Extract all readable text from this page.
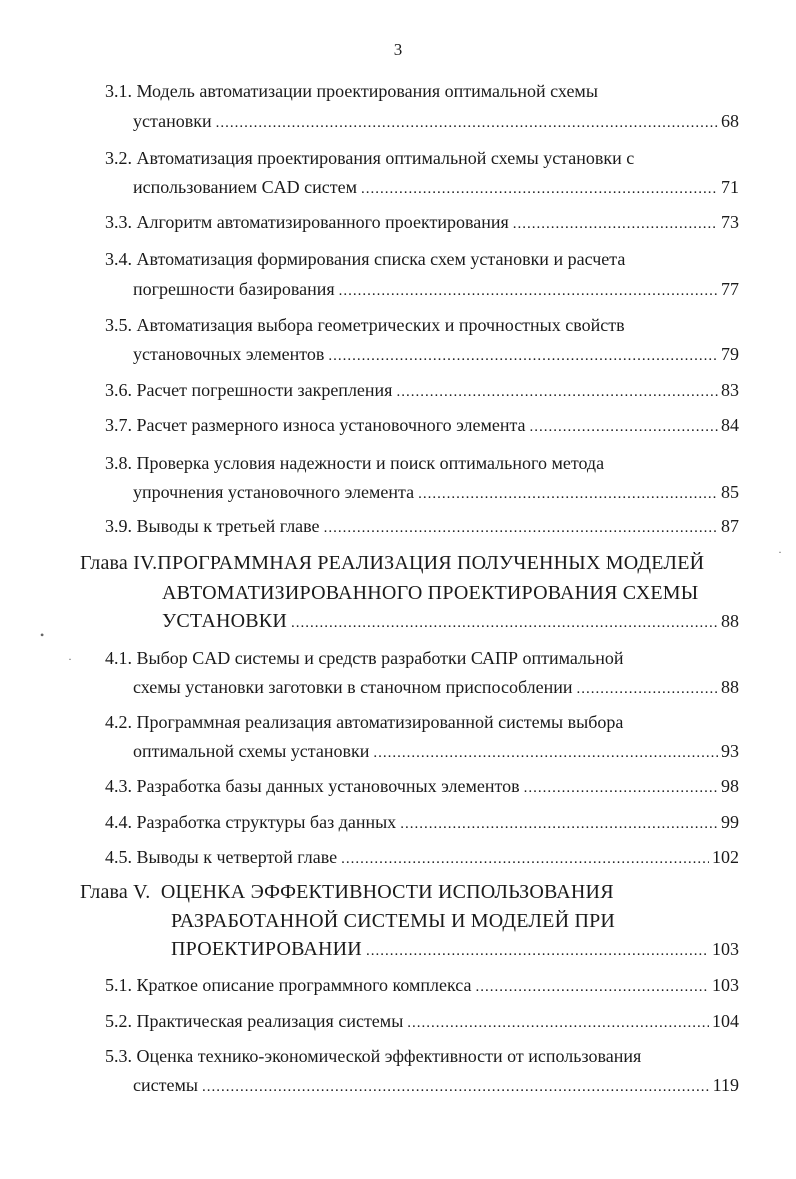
3
3.1. Модель автоматизации проектирования оптимальной схемы
установки .....	68
3.2. Автоматизация проектирования оптимальной схемы установки с
использованием CAD систем .....	71
3.3. Алгоритм автоматизированного проектирования .....	73
3.4. Автоматизация формирования списка схем установки и расчета
погрешности базирования .....	77
3.5. Автоматизация выбора геометрических и прочностных свойств
установочных элементов .....	79
3.6. Расчет погрешности закрепления .....	83
3.7. Расчет размерного износа установочного элемента .....	84
3.8. Проверка условия надежности и поиск оптимального метода
упрочнения установочного элемента .....	85
3.9. Выводы к третьей главе .....	87
Глава IV.ПРОГРАММНАЯ РЕАЛИЗАЦИЯ ПОЛУЧЕННЫХ МОДЕЛЕЙ
АВТОМАТИЗИРОВАННОГО ПРОЕКТИРОВАНИЯ СХЕМЫ
УСТАНОВКИ .....	88
4.1. Выбор CAD системы и средств разработки САПР оптимальной
схемы установки заготовки в станочном приспособлении .....	88
4.2. Программная реализация автоматизированной системы выбора
оптимальной схемы установки .....	93
4.3. Разработка базы данных установочных элементов .....	98
4.4. Разработка структуры баз данных .....	99
4.5. Выводы к четвертой главе .....	102
Глава V.  ОЦЕНКА ЭФФЕКТИВНОСТИ ИСПОЛЬЗОВАНИЯ
РАЗРАБОТАННОЙ СИСТЕМЫ И МОДЕЛЕЙ ПРИ
ПРОЕКТИРОВАНИИ .....	103
5.1. Краткое описание программного комплекса .....	103
5.2. Практическая реализация системы .....	104
5.3. Оценка технико-экономической эффективности от использования
системы .....	119
•
·
·
